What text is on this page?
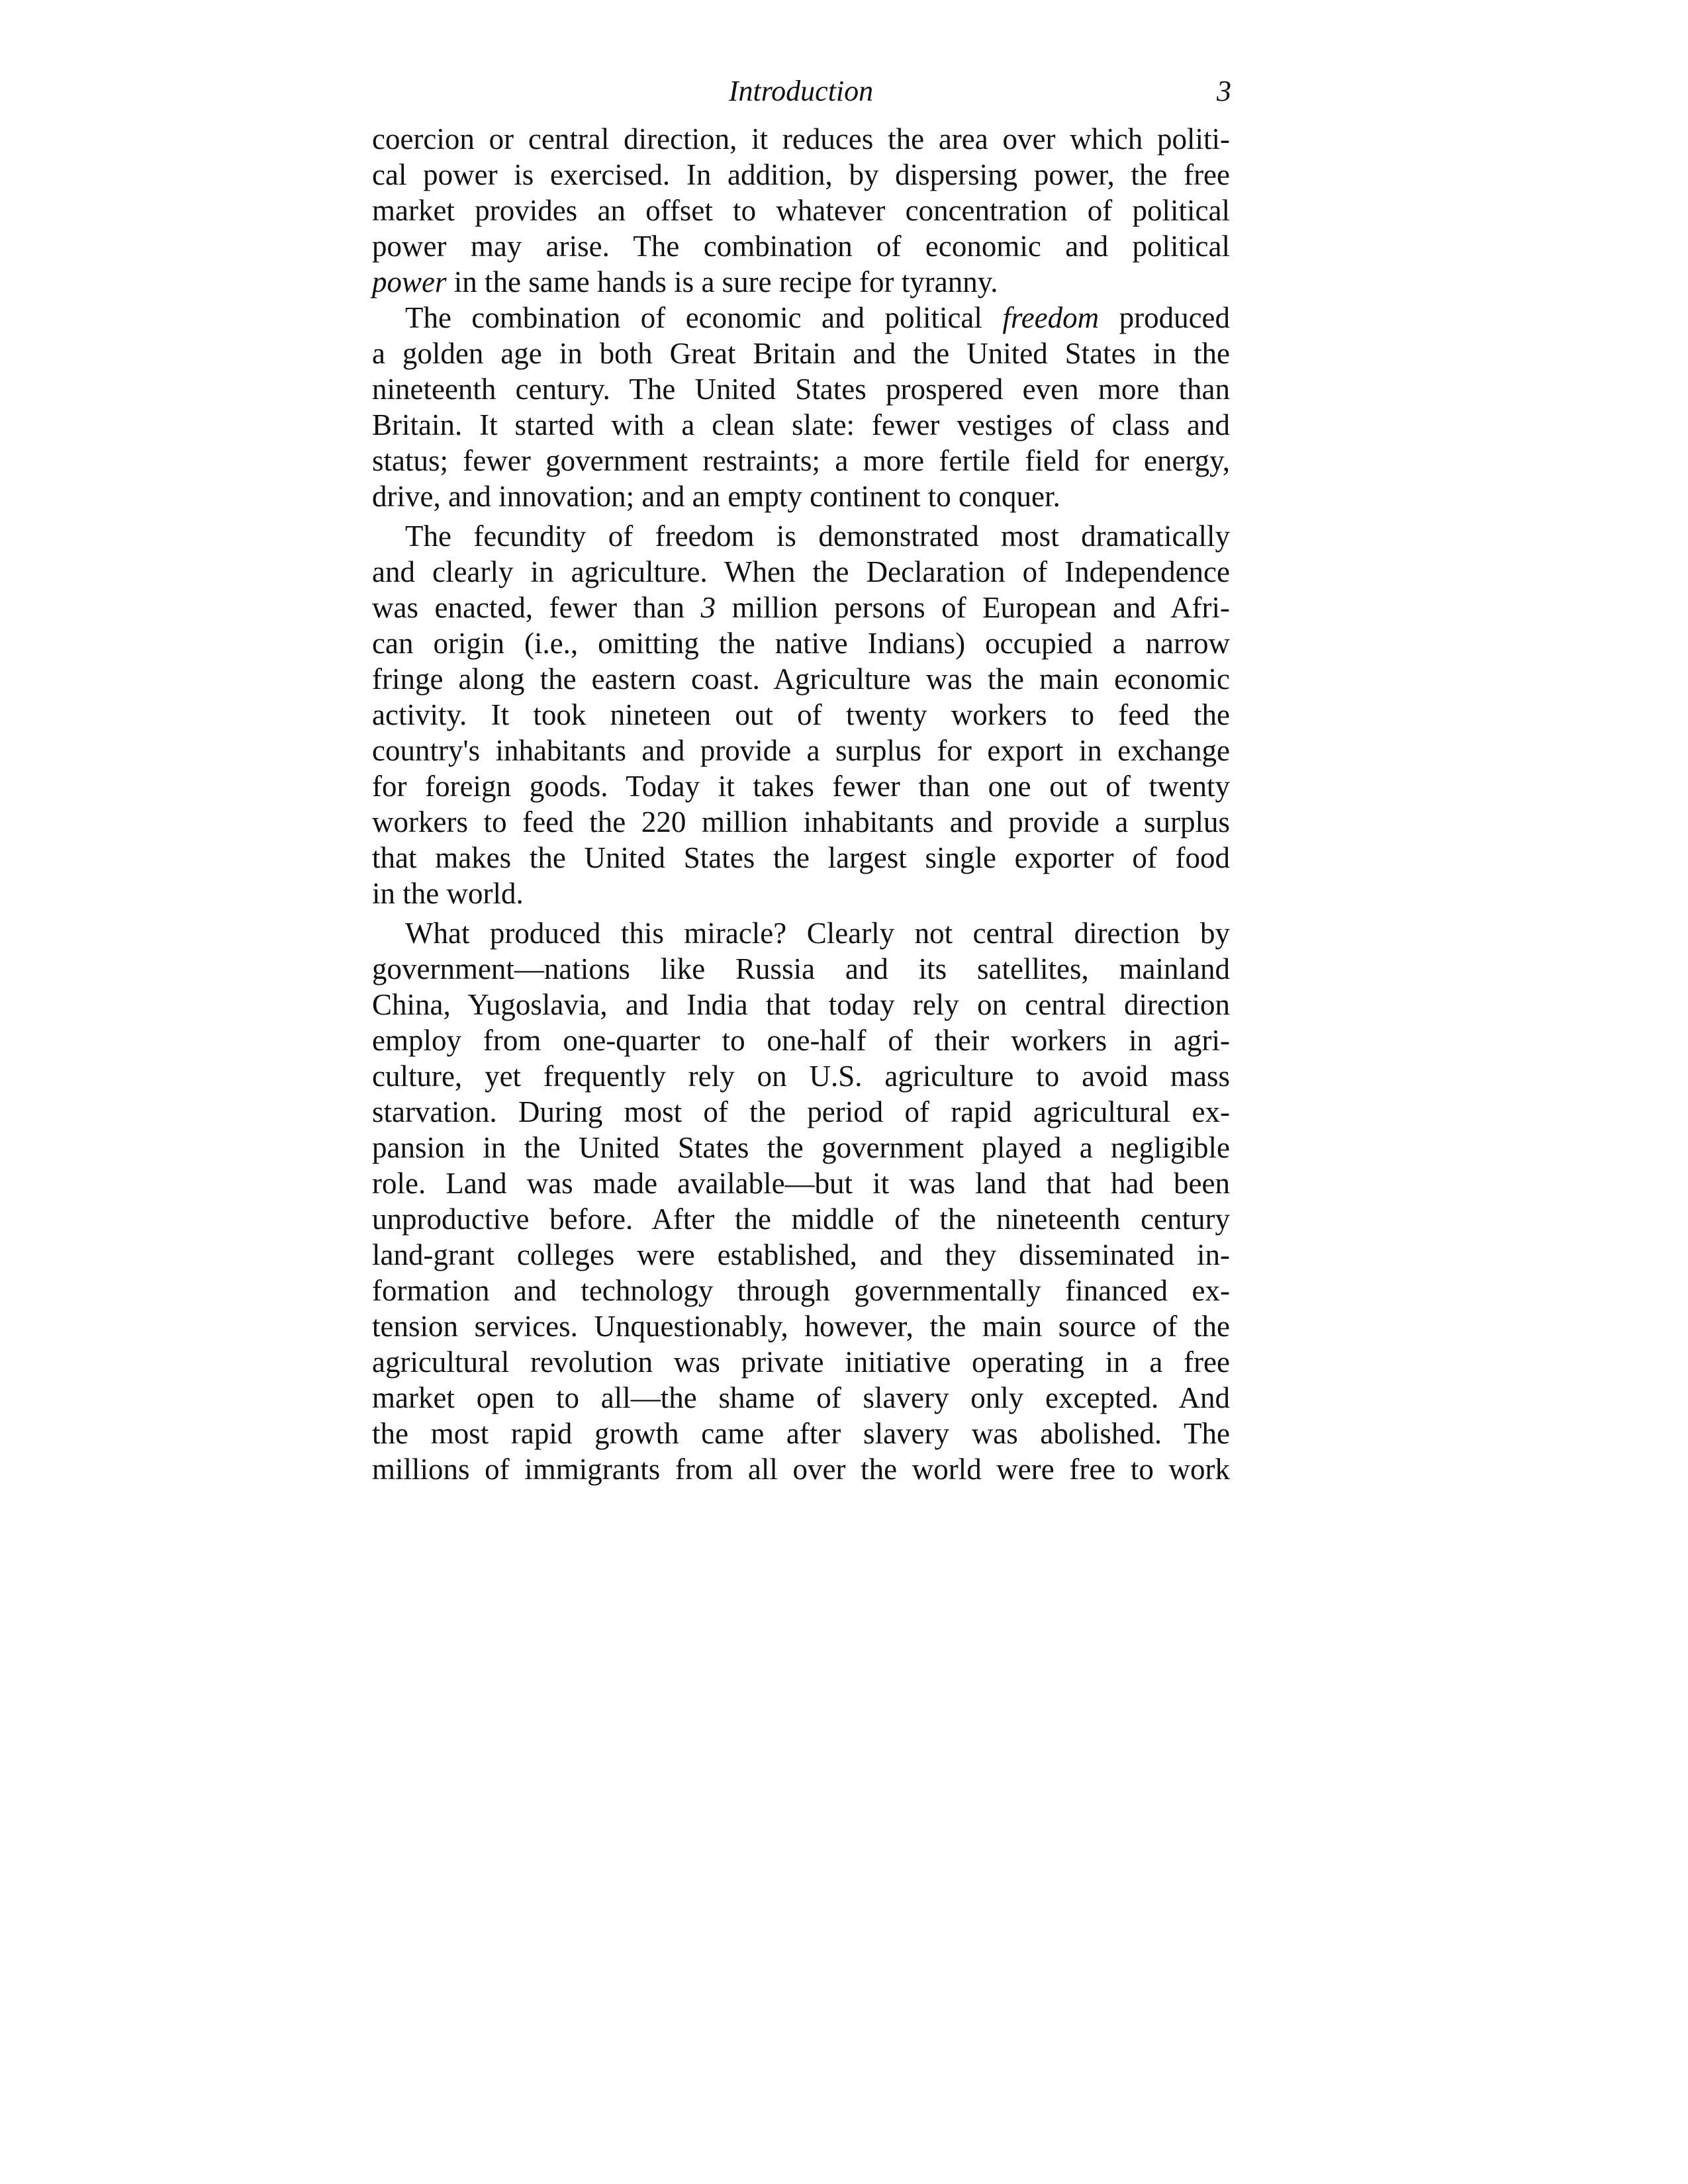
Introduction	3
coercion or central direction, it reduces the area over which politi-
cal power is exercised. In addition, by dispersing power, the free
market provides an offset to whatever concentration of political
power may arise. The combination of economic and political
power in the same hands is a sure recipe for tyranny.
The combination of economic and political freedom produced
a golden age in both Great Britain and the United States in the
nineteenth century. The United States prospered even more than
Britain. It started with a clean slate: fewer vestiges of class and
status; fewer government restraints; a more fertile field for energy,
drive, and innovation; and an empty continent to conquer.
The fecundity of freedom is demonstrated most dramatically
and clearly in agriculture. When the Declaration of Independence
was enacted, fewer than 3 million persons of European and Afri-
can origin (i.e., omitting the native Indians) occupied a narrow
fringe along the eastern coast. Agriculture was the main economic
activity. It took nineteen out of twenty workers to feed the
country's inhabitants and provide a surplus for export in exchange
for foreign goods. Today it takes fewer than one out of twenty
workers to feed the 220 million inhabitants and provide a surplus
that makes the United States the largest single exporter of food
in the world.
What produced this miracle? Clearly not central direction by
government—nations like Russia and its satellites, mainland
China, Yugoslavia, and India that today rely on central direction
employ from one-quarter to one-half of their workers in agri-
culture, yet frequently rely on U.S. agriculture to avoid mass
starvation. During most of the period of rapid agricultural ex-
pansion in the United States the government played a negligible
role. Land was made available—but it was land that had been
unproductive before. After the middle of the nineteenth century
land-grant colleges were established, and they disseminated in-
formation and technology through governmentally financed ex-
tension services. Unquestionably, however, the main source of the
agricultural revolution was private initiative operating in a free
market open to all—the shame of slavery only excepted. And
the most rapid growth came after slavery was abolished. The
millions of immigrants from all over the world were free to work
